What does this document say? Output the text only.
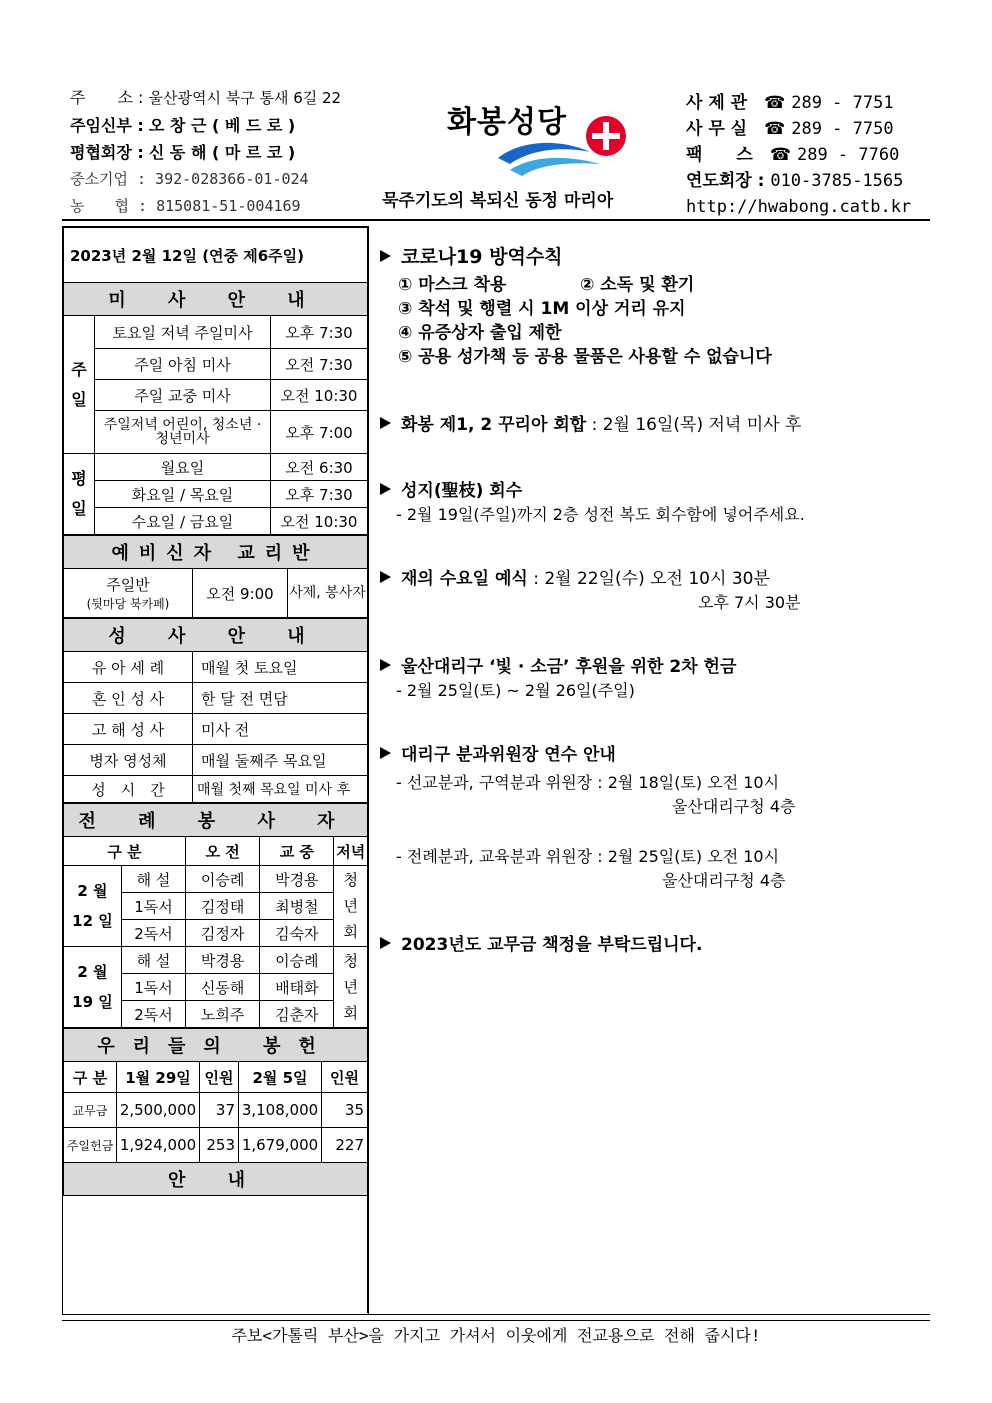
주　　소 : 울산광역시 북구 통새 6길 22
주임신부 : 오 창 근 ( 베 드 로 )
평협회장 : 신 동 해 ( 마 르 코 )
중소기업 : 392-028366-01-024
농　　협 : 815081-51-004169
화봉성당
묵주기도의 복되신 동정 마리아
사 제 관　 ☎ 289 - 7751
사 무 실　 ☎ 289 - 7750
팩　　스　 ☎ 289 - 7760
연도회장 : 010-3785-1565
http://hwabong.catb.kr
2023년 2월 12일 (연중 제6주일)		
미 사 안 내		
주일	토요일 저녁 주일미사	오후 7:30
	주일 아침 미사	오전 7:30
	주일 교중 미사	오전 10:30
	주일저녁 어린이, 청소년 · 청년미사	오후 7:00
평일	월요일	오전 6:30
	화요일 / 목요일	오후 7:30
	수요일 / 금요일	오전 10:30
예비신자 교리반

주일반
(뒷마당 북카페)
	오전 9:00	사제, 봉사자
성 사 안 내	
유 아 세 례	매월 첫 토요일
혼 인 성 사	한 달 전 면담
고 해 성 사	미사 전
병자 영성체	매월 둘째주 목요일
성　시　간	매월 첫째 목요일 미사 후
전 례 봉 사 자				
구 분		오 전	교 중	저녁
2 월 12 일	해 설	이승례	박경용	청년회
	1독서	김정태	최병철	
	2독서	김정자	김숙자	
2 월 19 일	해 설	박경용	이승례	청년회
	1독서	신동해	배태화	
	2독서	노희주	김춘자	
우리들의 봉헌				
구 분	1월 29일	인원	2월 5일	인원
교무금	2,500,000	37	3,108,000	35
주일헌금	1,924,000	253	1,679,000	227
안 내				
코로나19 방역수칙
① 마스크 착용	② 소독 및 환기
③ 착석 및 행렬 시 1M 이상 거리 유지
④ 유증상자 출입 제한
⑤ 공용 성가책 등 공용 물품은 사용할 수 없습니다
화봉 제1, 2 꾸리아 회합 : 2월 16일(목) 저녁 미사 후
성지(聖枝) 회수
- 2월 19일(주일)까지 2층 성전 복도 회수함에 넣어주세요.
재의 수요일 예식 : 2월 22일(수) 오전 10시 30분
오후 7시 30분
울산대리구 ‘빛 · 소금’ 후원을 위한 2차 헌금
- 2월 25일(토) ~ 2월 26일(주일)
대리구 분과위원장 연수 안내
- 선교분과, 구역분과 위원장 : 2월 18일(토) 오전 10시
울산대리구청 4층
- 전례분과, 교육분과 위원장 : 2월 25일(토) 오전 10시
울산대리구청 4층
2023년도 교무금 책정을 부탁드립니다.
주보<가톨릭 부산>을 가지고 가셔서 이웃에게 전교용으로 전해 줍시다!
